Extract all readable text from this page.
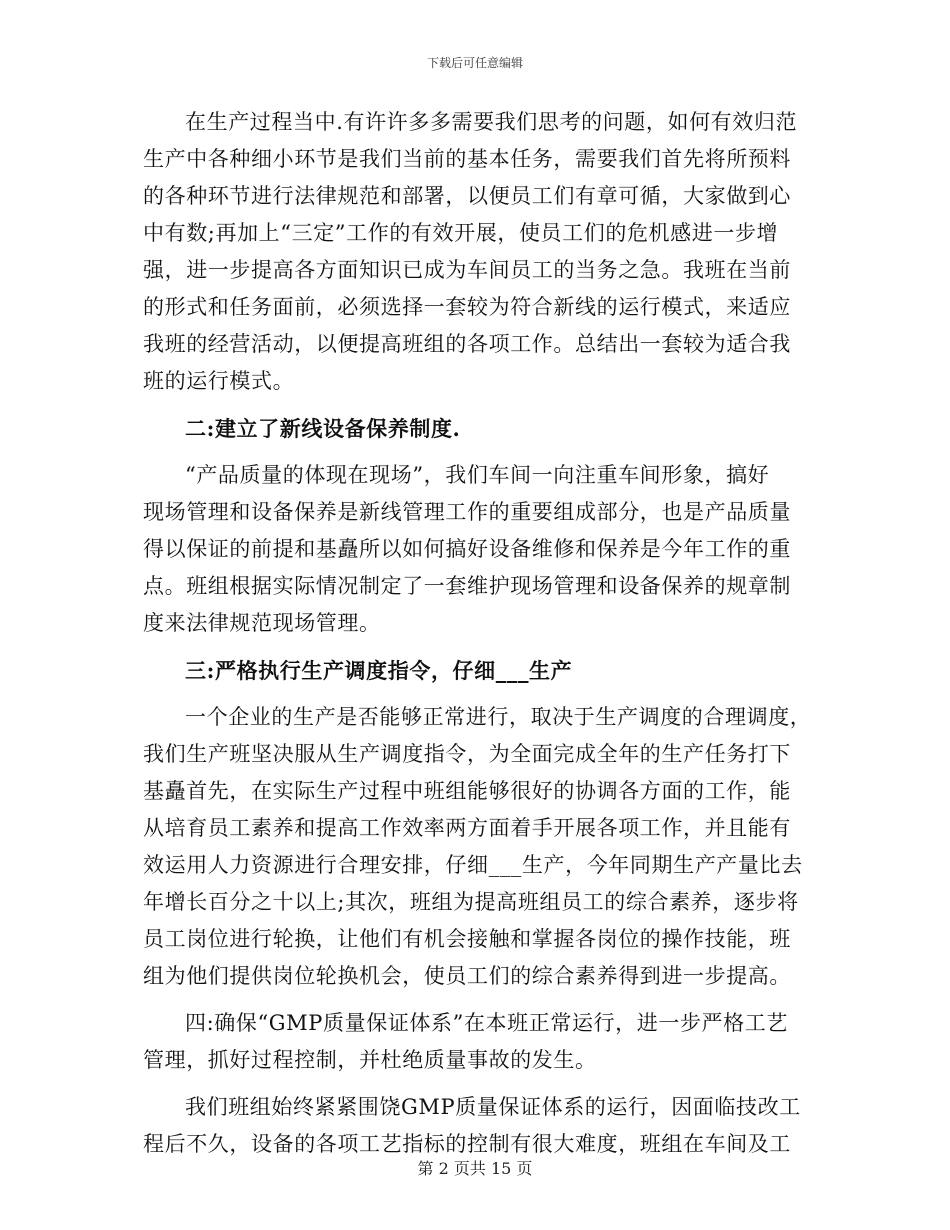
下载后可任意编辑
在生产过程当中.有许许多多需要我们思考的问题，如何有效归范
生产中各种细小环节是我们当前的基本任务，需要我们首先将所预料
的各种环节进行法律规范和部署，以便员工们有章可循，大家做到心
中有数;再加上“三定”工作的有效开展，使员工们的危机感进一步增
强，进一步提高各方面知识已成为车间员工的当务之急。我班在当前
的形式和任务面前，必须选择一套较为符合新线的运行模式，来适应
我班的经营活动，以便提高班组的各项工作。总结出一套较为适合我
班的运行模式。
二:建立了新线设备保养制度.
“产品质量的体现在现场”，我们车间一向注重车间形象，搞好
现场管理和设备保养是新线管理工作的重要组成部分，也是产品质量
得以保证的前提和基矗所以如何搞好设备维修和保养是今年工作的重
点。班组根据实际情况制定了一套维护现场管理和设备保养的规章制
度来法律规范现场管理。
三:严格执行生产调度指令，仔细___生产
一个企业的生产是否能够正常进行，取决于生产调度的合理调度，
我们生产班坚决服从生产调度指令，为全面完成全年的生产任务打下
基矗首先，在实际生产过程中班组能够很好的协调各方面的工作，能
从培育员工素养和提高工作效率两方面着手开展各项工作，并且能有
效运用人力资源进行合理安排，仔细___生产，今年同期生产产量比去
年增长百分之十以上;其次，班组为提高班组员工的综合素养，逐步将
员工岗位进行轮换，让他们有机会接触和掌握各岗位的操作技能，班
组为他们提供岗位轮换机会，使员工们的综合素养得到进一步提高。
四:确保“GMP质量保证体系”在本班正常运行，进一步严格工艺
管理，抓好过程控制，并杜绝质量事故的发生。
我们班组始终紧紧围饶GMP质量保证体系的运行，因面临技改工
程后不久，设备的各项工艺指标的控制有很大难度，班组在车间及工
第 2 页共 15 页
